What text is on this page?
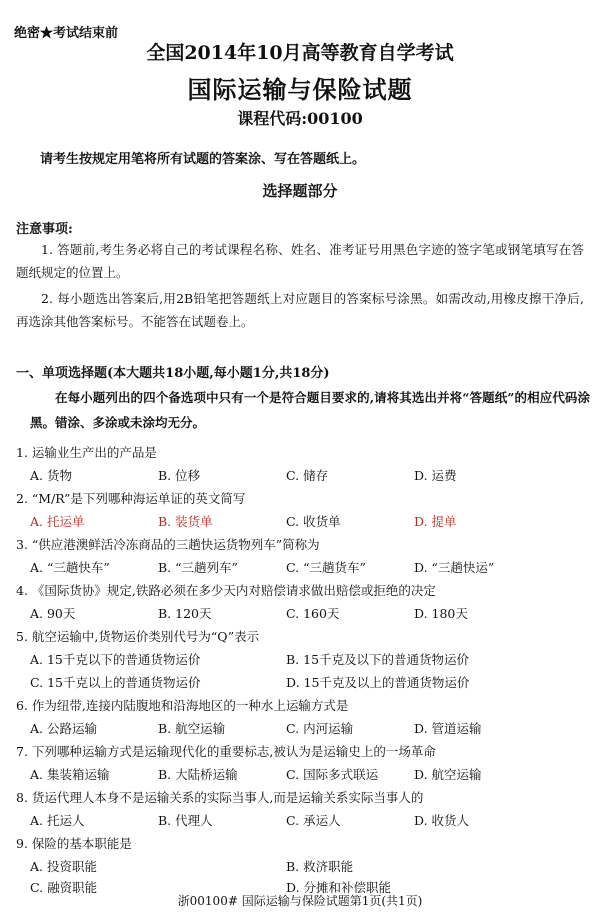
绝密★考试结束前
全国2014年10月高等教育自学考试
国际运输与保险试题
课程代码:00100
请考生按规定用笔将所有试题的答案涂、写在答题纸上。
选择题部分
注意事项:
1. 答题前,考生务必将自己的考试课程名称、姓名、准考证号用黑色字迹的签字笔或钢笔填写在答题纸规定的位置上。
2. 每小题选出答案后,用2B铅笔把答题纸上对应题目的答案标号涂黑。如需改动,用橡皮擦干净后,再选涂其他答案标号。不能答在试题卷上。
一、单项选择题(本大题共18小题,每小题1分,共18分)
在每小题列出的四个备选项中只有一个是符合题目要求的,请将其选出并将“答题纸”的相应代码涂黑。错涂、多涂或未涂均无分。
1. 运输业生产出的产品是
A. 货物	B. 位移	C. 储存	D. 运费
2. “M/R”是下列哪种海运单证的英文简写
A. 托运单	B. 装货单	C. 收货单	D. 提单
3. “供应港澳鲜活冷冻商品的三趟快运货物列车”简称为
A. “三趟快车”	B. “三趟列车”	C. “三趟货车”	D. “三趟快运”
4. 《国际货协》规定,铁路必须在多少天内对赔偿请求做出赔偿或拒绝的决定
A. 90天	B. 120天	C. 160天	D. 180天
5. 航空运输中,货物运价类别代号为“Q”表示
A. 15千克以下的普通货物运价	B. 15千克及以下的普通货物运价
C. 15千克以上的普通货物运价	D. 15千克及以上的普通货物运价
6. 作为纽带,连接内陆腹地和沿海地区的一种水上运输方式是
A. 公路运输	B. 航空运输	C. 内河运输	D. 管道运输
7. 下列哪种运输方式是运输现代化的重要标志,被认为是运输史上的一场革命
A. 集装箱运输	B. 大陆桥运输	C. 国际多式联运	D. 航空运输
8. 货运代理人本身不是运输关系的实际当事人,而是运输关系实际当事人的
A. 托运人	B. 代理人	C. 承运人	D. 收货人
9. 保险的基本职能是
A. 投资职能	B. 救济职能
C. 融资职能	D. 分摊和补偿职能
浙00100# 国际运输与保险试题第1页(共1页)
